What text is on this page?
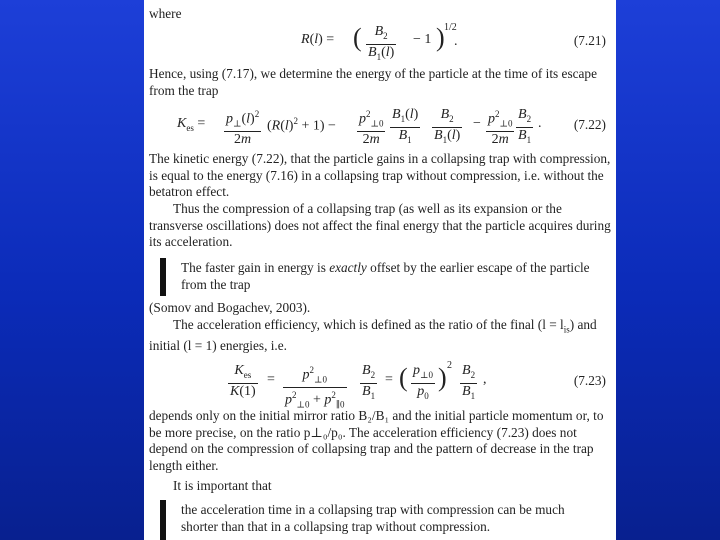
where

R(l) = ( $\frac{B_2}{B_1(l)} - 1$ ) 1/2
.	(7.21)

Hence, using (7.17), we determine the energy of the particle at the time of its escape from the trap

$K_{es} = \frac{p_\perp(l)^2}{2m} (R(l)^2 + 1) - \frac{p^2_{\perp 0}}{2m} \frac{B_1(l)}{B_1} \frac{B_2}{B_1(l)} - \frac{p^2_{\perp 0}}{2m} \frac{B_2}{B_1}$ . (7.22)

The kinetic energy (7.22), that the particle gains in a collapsing trap with compression, is equal to the energy (7.16) in a collapsing trap without compression, i.e. without the betatron effect.

Thus the compression of a collapsing trap (as well as its expansion or the transverse oscillations) does not affect the final energy that the particle acquires during its acceleration.

The faster gain in energy is exactly offset by the earlier escape of the particle from the trap

(Somov and Bogachev, 2003).

The acceleration efficiency, which is defined as the ratio of the final $(l = l_{is})$ and initial (l = 1) energies, i.e.

$K_{es}$
K(1)
= $\frac{p^2_{\perp 0}}{p^2_{\perp 0} + p^2_{\parallel 0}} \frac{B_2}{B_1}$ = ( $\frac{p_{\perp 0}}{p_0}$ ) $2 \frac{B_2}{B_1}$ ,	(7.23)

depends only on the initial mirror ratio B₂/B₁ and the initial particle momentum or, to be more precise, on the ratio p⊥₀/p₀. The acceleration efficiency (7.23) does not depend on the compression of collapsing trap and the pattern of decrease in the trap length either.

It is important that

the acceleration time in a collapsing trap with compression can be much shorter than that in a collapsing trap without compression.
